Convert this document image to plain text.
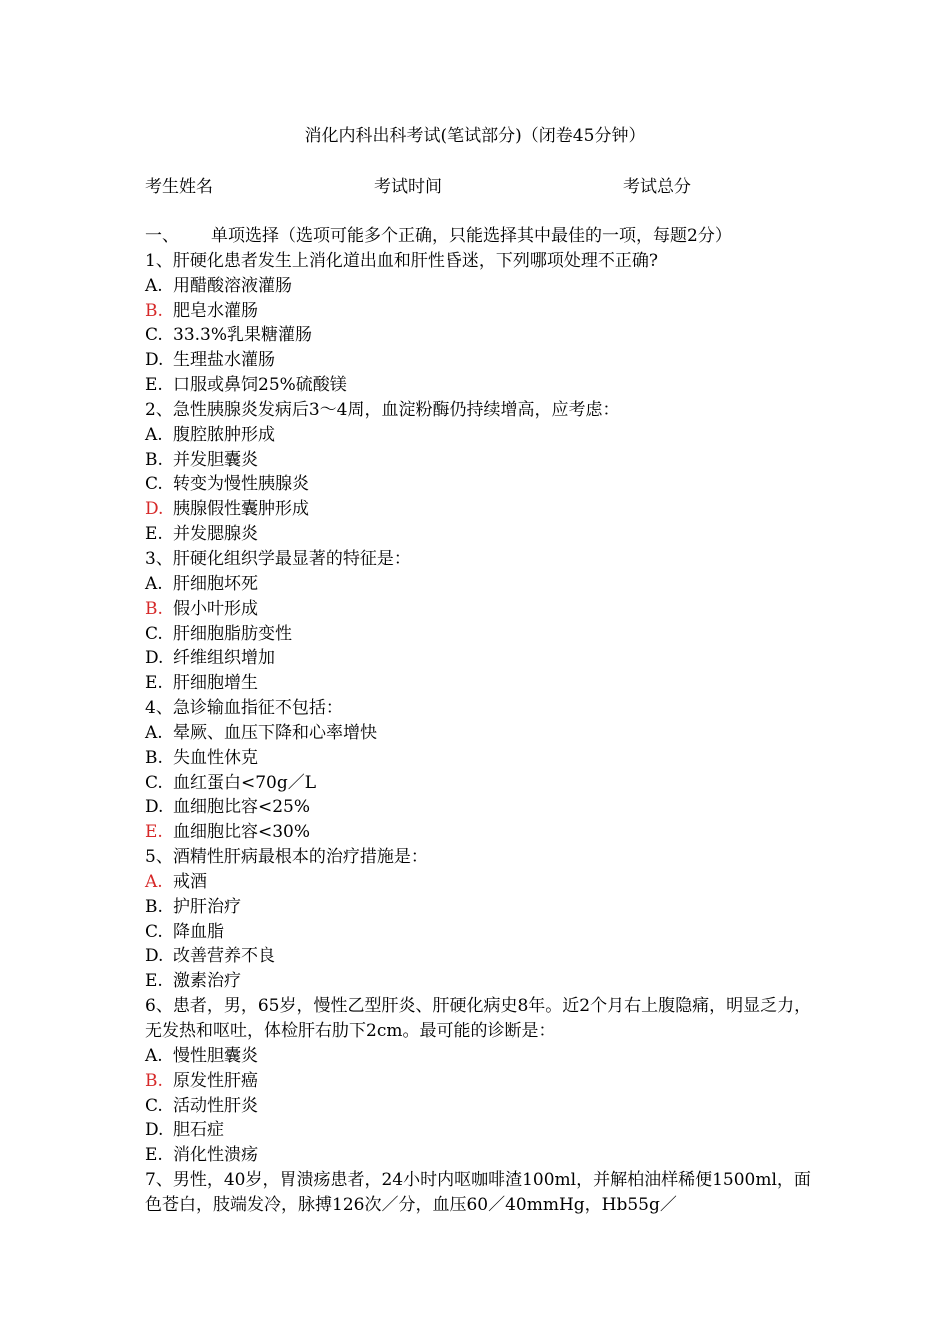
消化内科出科考试(笔试部分)（闭卷45分钟）
考生姓名	考试时间	考试总分
一、 单项选择（选项可能多个正确，只能选择其中最佳的一项，每题2分）
1、肝硬化患者发生上消化道出血和肝性昏迷，下列哪项处理不正确?
A. 用醋酸溶液灌肠
B. 肥皂水灌肠
C. 33.3%乳果糖灌肠
D. 生理盐水灌肠
E. 口服或鼻饲25%硫酸镁
2、急性胰腺炎发病后3～4周，血淀粉酶仍持续增高，应考虑：
A. 腹腔脓肿形成
B. 并发胆囊炎
C. 转变为慢性胰腺炎
D. 胰腺假性囊肿形成
E. 并发腮腺炎
3、肝硬化组织学最显著的特征是：
A. 肝细胞坏死
B. 假小叶形成
C. 肝细胞脂肪变性
D. 纤维组织增加
E. 肝细胞增生
4、急诊输血指征不包括：
A. 晕厥、血压下降和心率增快
B. 失血性休克
C. 血红蛋白<70g／L
D. 血细胞比容<25%
E. 血细胞比容<30%
5、酒精性肝病最根本的治疗措施是：
A. 戒酒
B. 护肝治疗
C. 降血脂
D. 改善营养不良
E. 激素治疗
6、患者，男，65岁，慢性乙型肝炎、肝硬化病史8年。近2个月右上腹隐痛，明显乏力，无发热和呕吐，体检肝右肋下2cm。最可能的诊断是：
A. 慢性胆囊炎
B. 原发性肝癌
C. 活动性肝炎
D. 胆石症
E. 消化性溃疡
7、男性，40岁，胃溃疡患者，24小时内呕咖啡渣100ml，并解柏油样稀便1500ml，面色苍白，肢端发冷，脉搏126次／分，血压60／40mmHg，Hb55g／
